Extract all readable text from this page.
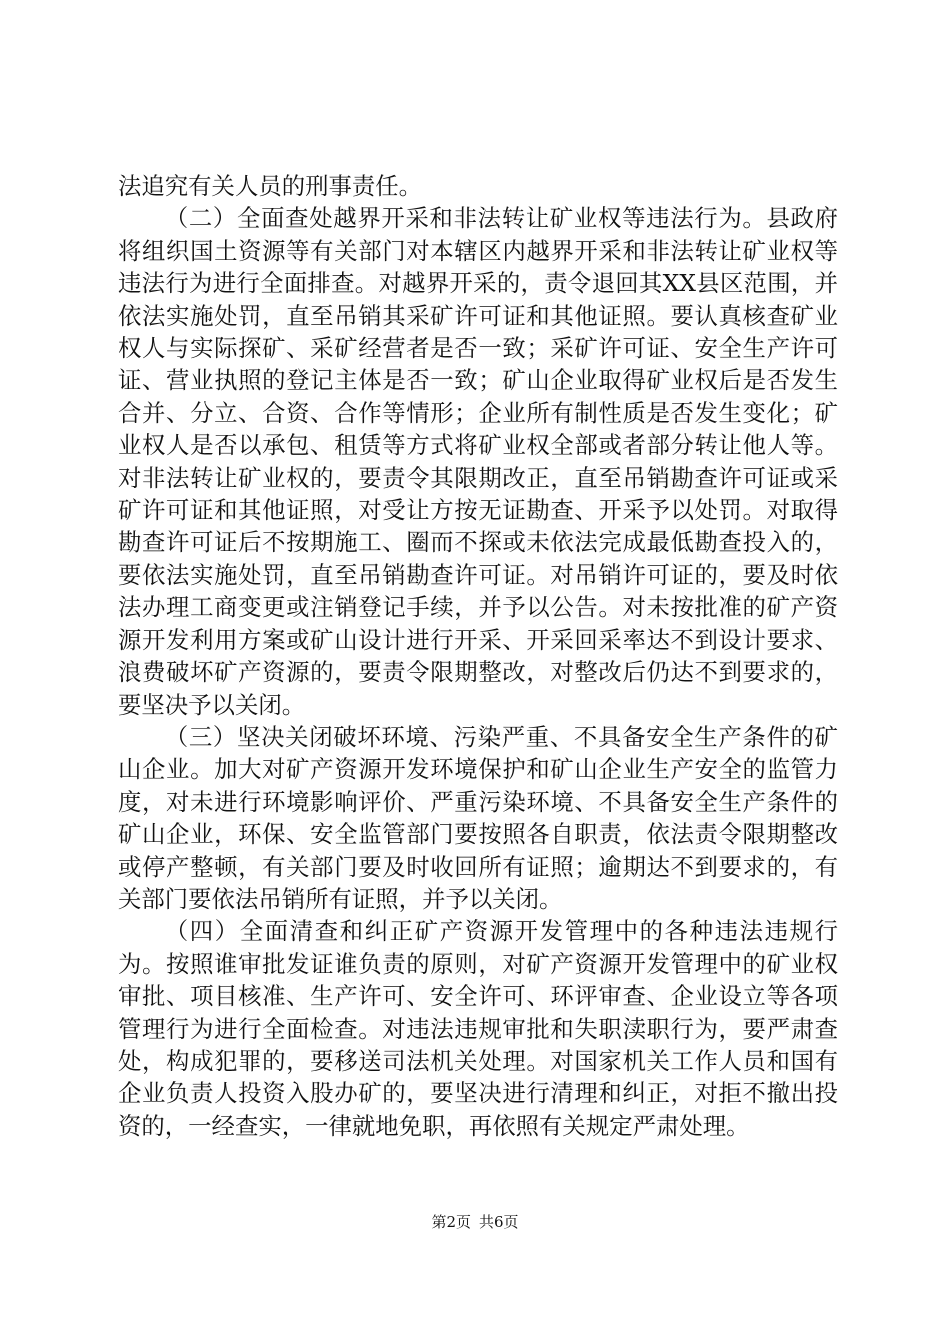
法追究有关人员的刑事责任。

（二）全面查处越界开采和非法转让矿业权等违法行为。县政府将组织国土资源等有关部门对本辖区内越界开采和非法转让矿业权等违法行为进行全面排查。对越界开采的，责令退回其XX县区范围，并依法实施处罚，直至吊销其采矿许可证和其他证照。要认真核查矿业权人与实际探矿、采矿经营者是否一致；采矿许可证、安全生产许可证、营业执照的登记主体是否一致；矿山企业取得矿业权后是否发生合并、分立、合资、合作等情形；企业所有制性质是否发生变化；矿业权人是否以承包、租赁等方式将矿业权全部或者部分转让他人等。对非法转让矿业权的，要责令其限期改正，直至吊销勘查许可证或采矿许可证和其他证照，对受让方按无证勘查、开采予以处罚。对取得勘查许可证后不按期施工、圈而不探或未依法完成最低勘查投入的，要依法实施处罚，直至吊销勘查许可证。对吊销许可证的，要及时依法办理工商变更或注销登记手续，并予以公告。对未按批准的矿产资源开发利用方案或矿山设计进行开采、开采回采率达不到设计要求、浪费破坏矿产资源的，要责令限期整改，对整改后仍达不到要求的，要坚决予以关闭。

（三）坚决关闭破坏环境、污染严重、不具备安全生产条件的矿山企业。加大对矿产资源开发环境保护和矿山企业生产安全的监管力度，对未进行环境影响评价、严重污染环境、不具备安全生产条件的矿山企业，环保、安全监管部门要按照各自职责，依法责令限期整改或停产整顿，有关部门要及时收回所有证照；逾期达不到要求的，有关部门要依法吊销所有证照，并予以关闭。

（四）全面清查和纠正矿产资源开发管理中的各种违法违规行为。按照谁审批发证谁负责的原则，对矿产资源开发管理中的矿业权审批、项目核准、生产许可、安全许可、环评审查、企业设立等各项管理行为进行全面检查。对违法违规审批和失职渎职行为，要严肃查处，构成犯罪的，要移送司法机关处理。对国家机关工作人员和国有企业负责人投资入股办矿的，要坚决进行清理和纠正，对拒不撤出投资的，一经查实，一律就地免职，再依照有关规定严肃处理。

第2页 共6页
